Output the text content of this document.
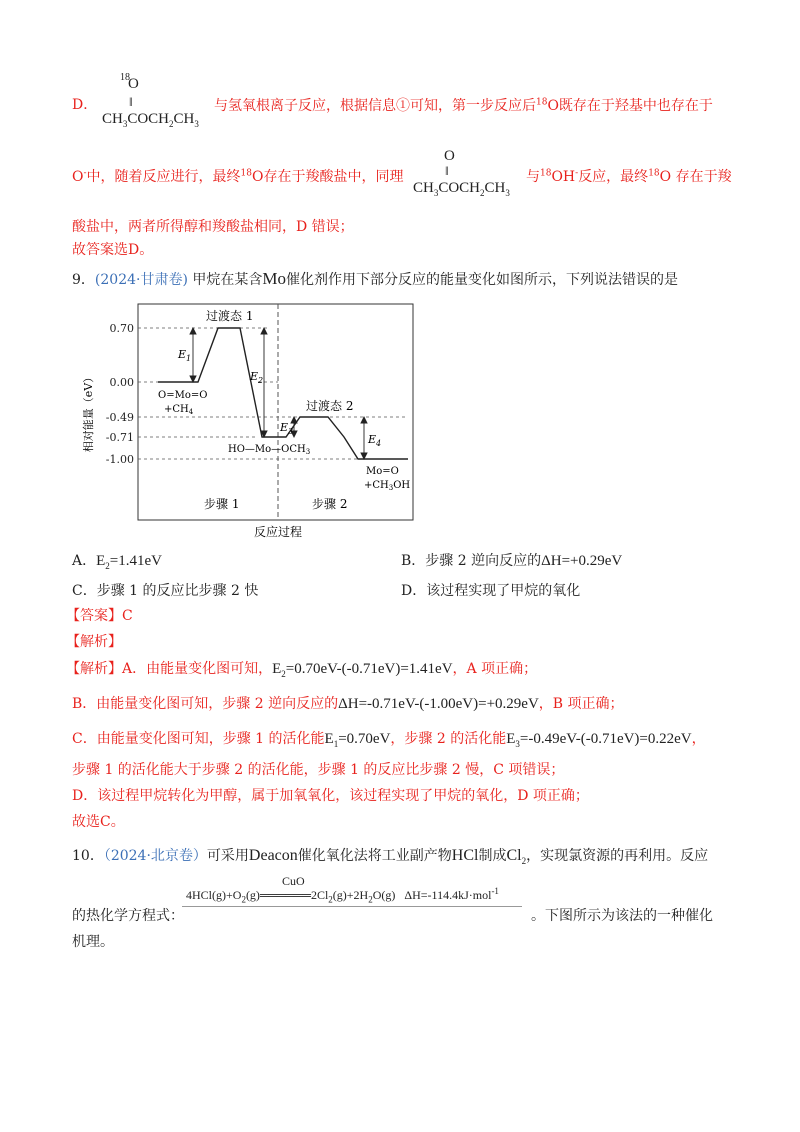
18
O
‖
$CH_3COCH_2CH_3$
D．	与氢氧根离子反应，根据信息①可知，第一步反应后$^{18}$O既存在于羟基中也存在于
O-中，随着反应进行，最终$^{18}$O存在于羧酸盐中，同理
O
‖
$CH_3COCH_2CH_3$
与$^{18}$OH-反应，最终$^{18}$O 存在于羧
酸盐中，两者所得醇和羧酸盐相同，D 错误；
故答案选D。
9．(2024·甘肃卷) 甲烷在某含Mo催化剂作用下部分反应的能量变化如图所示，下列说法错误的是
相对能量（eV）
0.70
0.00
-0.49
-0.71
-1.00
过渡态 1
过渡态 2
$E_1$
$E_2$
$E_3$
$E_4$
O=Mo=O
$+CH_4$
$HO—Mo—OCH_3$
Mo=O
$+CH_3OH$
步骤 1	步骤 2
反应过程
A．$E_2=1.41eV$	B．步骤 2 逆向反应的ΔH=+0.29eV
C．步骤 1 的反应比步骤 2 快	D．该过程实现了甲烷的氧化
【答案】C
【解析】
【解析】A．由能量变化图可知，$E_2=0.70eV-(-0.71eV)=1.41eV$，A 项正确；
B．由能量变化图可知，步骤 2 逆向反应的ΔH=-0.71eV-(-1.00eV)=+0.29eV，B 项正确；
C．由能量变化图可知，步骤 1 的活化能$E_1=0.70eV$，步骤 2 的活化能$E_3=-0.49eV-(-0.71eV)=0.22eV$，
步骤 1 的活化能大于步骤 2 的活化能，步骤 1 的反应比步骤 2 慢，C 项错误；
D．该过程甲烷转化为甲醇，属于加氧氧化，该过程实现了甲烷的氧化，D 项正确；
故选C。
10．（2024·北京卷）可采用Deacon催化氧化法将工业副产物HCl制成$Cl_2$，实现氯资源的再利用。反应
CuO
$4HCl(g)+O_2(g)══════2Cl_2(g)+2H_2O(g)$   ΔH=-114.4kJ·mol$^{-1}$
的热化学方程式：	。下图所示为该法的一种催化
机理。
